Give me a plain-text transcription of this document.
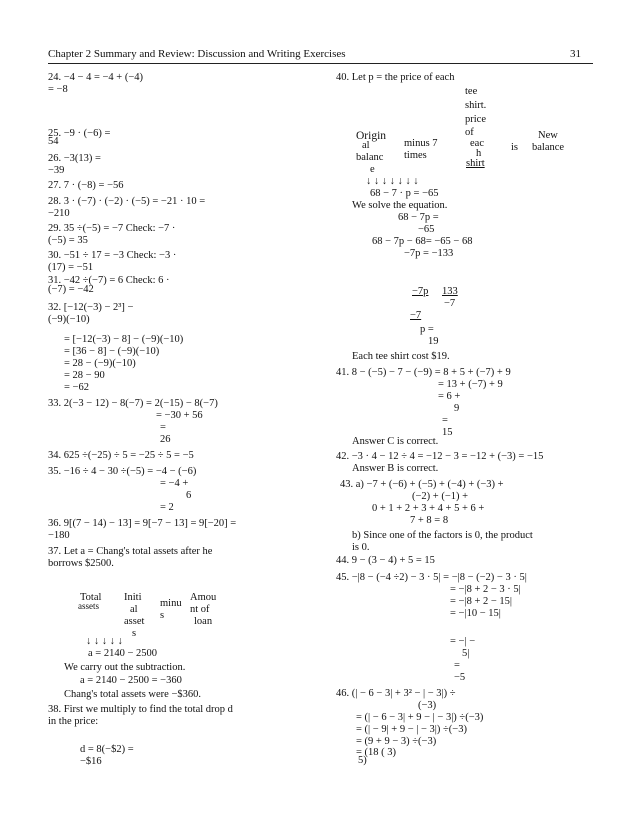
Chapter 2 Summary and Review: Discussion and Writing Exercises	31
24. −4 − 4 = −4 + (−4)
= −8
25. −9 · (−6) =
54
26. −3(13) =
−39
27. 7 · (−8) = −56
28. 3 · (−7) · (−2) · (−5) = −21 · 10 =
−210
29. 35 ÷(−5) = −7 Check: −7 ·
(−5) = 35
30. −51 ÷ 17 = −3 Check: −3 ·
(17) = −51
31. −42 ÷(−7) = 6 Check: 6 ·
(−7) = −42
32. [−12(−3) − 2³] −
(−9)(−10)
= [−12(−3) − 8] − (−9)(−10)
= [36 − 8] − (−9)(−10)
= 28 − (−9)(−10)
= 28 − 90
= −62
33. 2(−3 − 12) − 8(−7) = 2(−15) − 8(−7)
= −30 + 56
=
26
34. 625 ÷(−25) ÷ 5 = −25 ÷ 5 = −5
35. −16 ÷ 4 − 30 ÷(−5) = −4 − (−6)
= −4 +
6
= 2
36. 9[(7 − 14) − 13] = 9[−7 − 13] = 9[−20] =
−180
37. Let a = Chang's total assets after he
borrows $2500.
Total
assets
Initi
al
asset
s
minu
s
Amou
nt of
loan
↓ ↓ ↓ ↓ ↓
a = 2140 − 2500
We carry out the subtraction.
a = 2140 − 2500 = −360
Chang's total assets were −$360.
38. First we multiply to find the total drop d
in the price:
d = 8(−$2) =
−$16
40. Let p = the price of each
tee
shirt.
price
of
eac
h
shirt
Origin
al
balanc
e
minus 7
times
is
New
balance
↓ ↓ ↓ ↓ ↓ ↓ ↓
68 − 7 · p = −65
We solve the equation.
68 − 7p =
−65
68 − 7p − 68= −65 − 68
−7p = −133
−7p 133
−7
−7
p =
19
Each tee shirt cost $19.
41. 8 − (−5) − 7 − (−9) = 8 + 5 + (−7) + 9
= 13 + (−7) + 9
= 6 +
9
=
15
Answer C is correct.
42. −3 · 4 − 12 ÷ 4 = −12 − 3 = −12 + (−3) = −15
Answer B is correct.
43. a) −7 + (−6) + (−5) + (−4) + (−3) +
(−2) + (−1) +
0 + 1 + 2 + 3 + 4 + 5 + 6 +
7 + 8 = 8
b) Since one of the factors is 0, the product
is 0.
44. 9 − (3 − 4) + 5 = 15
45. −|8 − (−4 ÷2) − 3 · 5| = −|8 − (−2) − 3 · 5|
= −|8 + 2 − 3 · 5|
= −|8 + 2 − 15|
= −|10 − 15|
= −| −
5|
=
−5
46. (| − 6 − 3| + 3² − | − 3|) ÷
(−3)
= (| − 6 − 3| + 9 − | − 3|) ÷(−3)
= (| − 9| + 9 − | − 3|) ÷(−3)
= (9 + 9 − 3) ÷(−3)
= (18 ( 3)
5)
